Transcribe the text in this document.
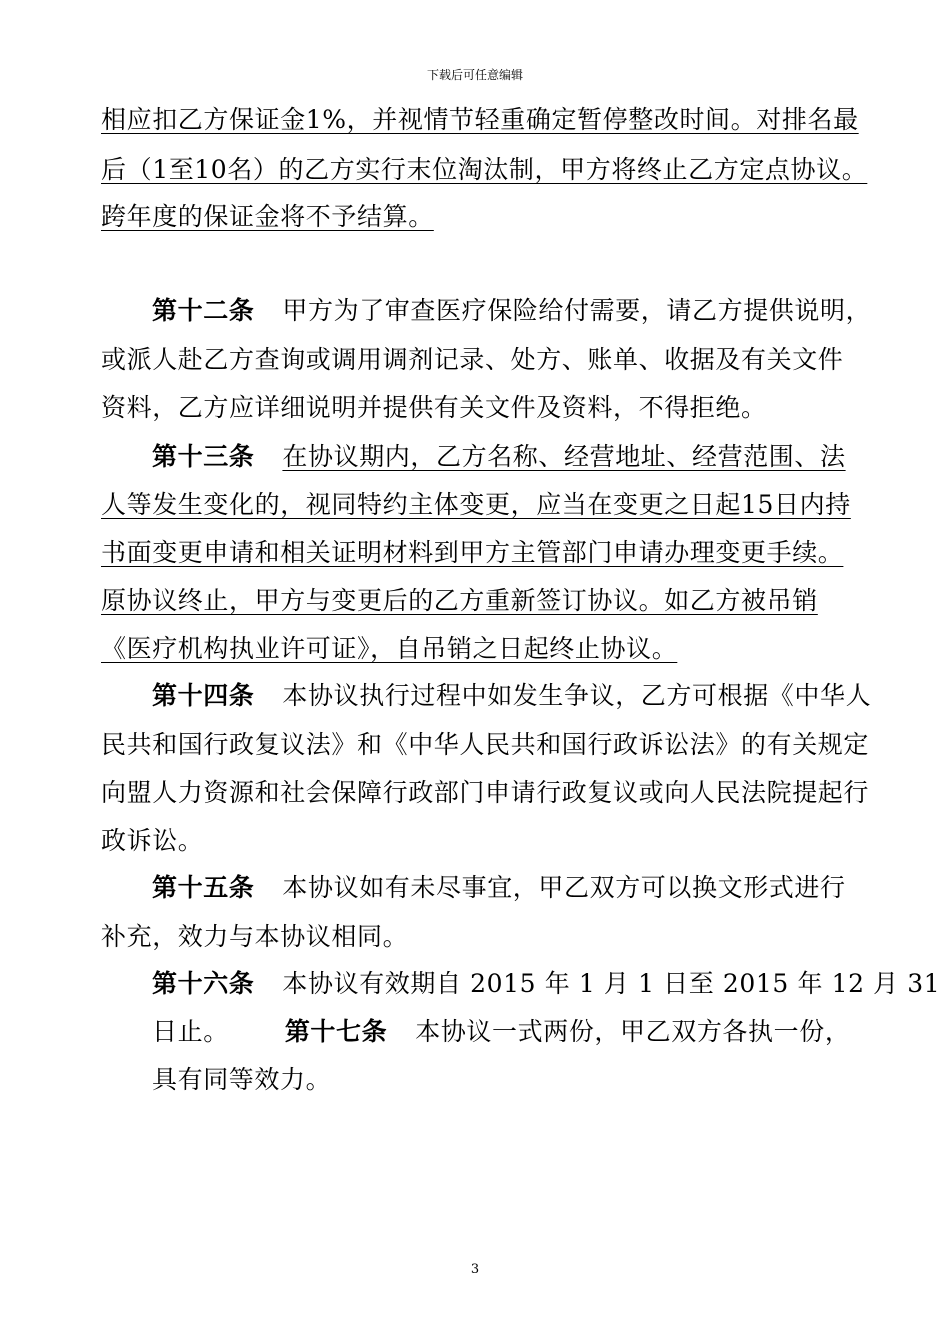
下载后可任意编辑
相应扣乙方保证金1%，并视情节轻重确定暂停整改时间。对排名最
后（1至10名）的乙方实行末位淘汰制，甲方将终止乙方定点协议。
跨年度的保证金将不予结算。
第十二条 甲方为了审查医疗保险给付需要，请乙方提供说明，
或派人赴乙方查询或调用调剂记录、处方、账单、收据及有关文件
资料，乙方应详细说明并提供有关文件及资料，不得拒绝。
第十三条 在协议期内，乙方名称、经营地址、经营范围、法
人等发生变化的，视同特约主体变更，应当在变更之日起15日内持
书面变更申请和相关证明材料到甲方主管部门申请办理变更手续。
原协议终止，甲方与变更后的乙方重新签订协议。如乙方被吊销
《医疗机构执业许可证》，自吊销之日起终止协议。
第十四条 本协议执行过程中如发生争议，乙方可根据《中华人
民共和国行政复议法》和《中华人民共和国行政诉讼法》的有关规定
向盟人力资源和社会保障行政部门申请行政复议或向人民法院提起行
政诉讼。
第十五条 本协议如有未尽事宜，甲乙双方可以换文形式进行
补充，效力与本协议相同。
第十六条 本协议有效期自 2015 年 1 月 1 日至 2015 年 12 月 31
日止。 第十七条 本协议一式两份，甲乙双方各执一份，
具有同等效力。
3
